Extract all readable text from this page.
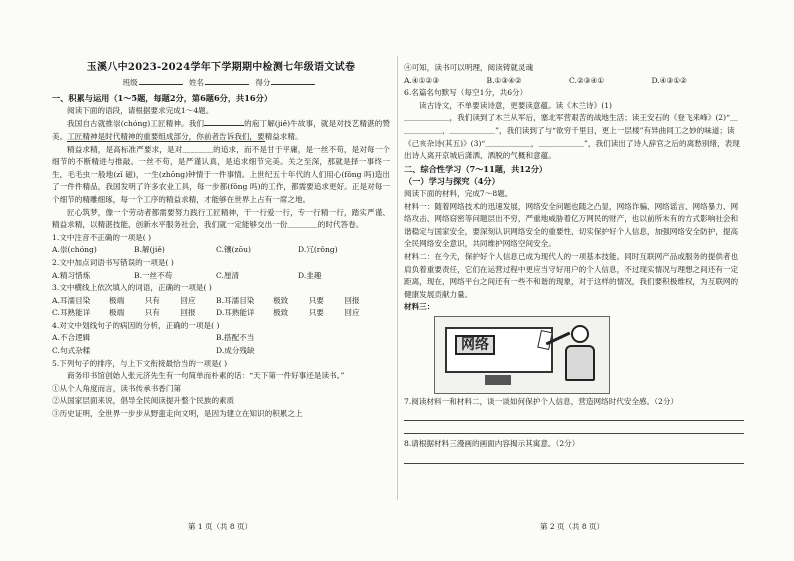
玉溪八中2023-2024学年下学期期中检测七年级语文试卷
班级	姓名	得分
一、积累与运用（1～5题，每题2分，第6题6分，共16分）
阅读下面的语段，请根据要求完成1～4题。
我国自古就推崇(chóng)工匠精神。我们	的庖丁解(jiě)牛故事，就是对技艺精湛的赞美。工匠精神是时代精神的重要组成部分，你前者告诉我们，要精益求精。
精益求精，是高标准严要求，是对＿＿＿＿的追求，而不是甘于平庸，是一丝不苟，是对每一个细节的不断精进与推敲。一丝不苟，是严谨认真，是追求细节完美。关之至深，那就是择一事终一生，毛毛虫一般地(zǐ 磁)，一生(zhōng)钟情于一件事情。上世纪五十年代的人们用心(fǒng 吗)造出了一件件精品，我国发明了许多农业工具，每一步都(fǒng 吗)的工作，都需要追求更好。正是对每一个细节的精雕细琢，每一个工序的精益求精，才能够在世界上占有一席之地。
匠心筑梦，像一个劳动者都需要努力践行工匠精神，干一行爱一行，专一行精一行，踏实严谨、精益求精，以精湛技能、创新水平服务社会，我们就一定能够交出一份＿＿＿＿的时代答卷。
1.文中注音不正确的一项是( )
A.崇(chóng)	B.解(jiě)	C.镶(zōu)	D.冗(rǒng)
2.文中加点词语书写错误的一项是( )
A.精习惜炼	B.一丝不苟	C.厘清	D.韭趣
3.文中横线上依次填入的词语，正确的一项是( )
A.耳濡目染	极端	只有	回应	B.耳濡目染	极致	只要	回报
C.耳熟能详	极端	只有	回报	D.耳熟能详	极致	只要	回应
4.对文中划线句子的病因的分析，正确的一项是( )
A.不合逻辑	B.搭配不当
C.句式杂糅	D.成分残缺
5.下列句子的排序，与上下文衔接最恰当的一项是( )
商务印书馆创始人张元济先生有一句简单而朴素的话：“天下第一件好事还是读书。”
①从个人角度而言，读书传承书香门第
②从国家层面来说，倡导全民阅读提升整个民族的素质
③历史证明，全世界一步步从野蛮走向文明，是因为建立在知识的积累之上
④可知，读书可以明理，阅读铸就灵魂
A.④①②③	B.①③④②	C.②③④①	D.④③①②
6.名篇名句默写（每空1分，共6分）
读古诗文，不单要读诗意，更要读意蕴。读《木兰诗》(1)
＿＿＿＿＿＿，我们读到了木兰从军后，塞北军营艰苦的战地生活；读王安石的《登飞来峰》(2)“＿＿＿＿＿＿，＿＿＿＿＿＿”，我们读到了与“欲穷千里目，更上一层楼”有异曲同工之妙的味道；读《己亥杂诗(其五)》(3)“＿＿＿＿＿＿，＿＿＿＿＿＿”，我们读出了诗人辞官之后的离愁别绪，表现出诗人离开京城后潇洒、洒脱的气概和意蕴。
二、综合性学习（7～11题，共12分）
（一）学习与探究（4分）
阅读下面的材料，完成7～8题。
材料一：随着网络技术的迅速发展，网络安全问题也随之凸显，网络诈骗、网络谣言、网络暴力、网络攻击、网络窃密等问题层出不穷，严重地威胁着亿万网民的财产，也以前所未有的方式影响社会和谐稳定与国家安全，要深刻认识网络安全的重要性，切实保护好个人信息，加强网络安全防护，提高全民网络安全意识，共同维护网络空间安全。
材料二：在今天，保护好个人信息已成为现代人的一项基本技能。同时互联网产品或服务的提供者也肩负着重要责任，它们在运营过程中更应当守好用户的个人信息，不过现实情况与理想之间还有一定距离，现在，网络平台之间还有一些不和谐的现象，对于这样的情况，我们要积极维权，为互联网的健康发展贡献力量。
材料三：
网络
7.阅读材料一和材料二，谈一谈如何保护个人信息，营造网络时代安全感。（2分）
8.请根据材料三漫画的画面内容揭示其寓意。（2分）
第 1 页（共 8 页）	第 2 页（共 8 页）
